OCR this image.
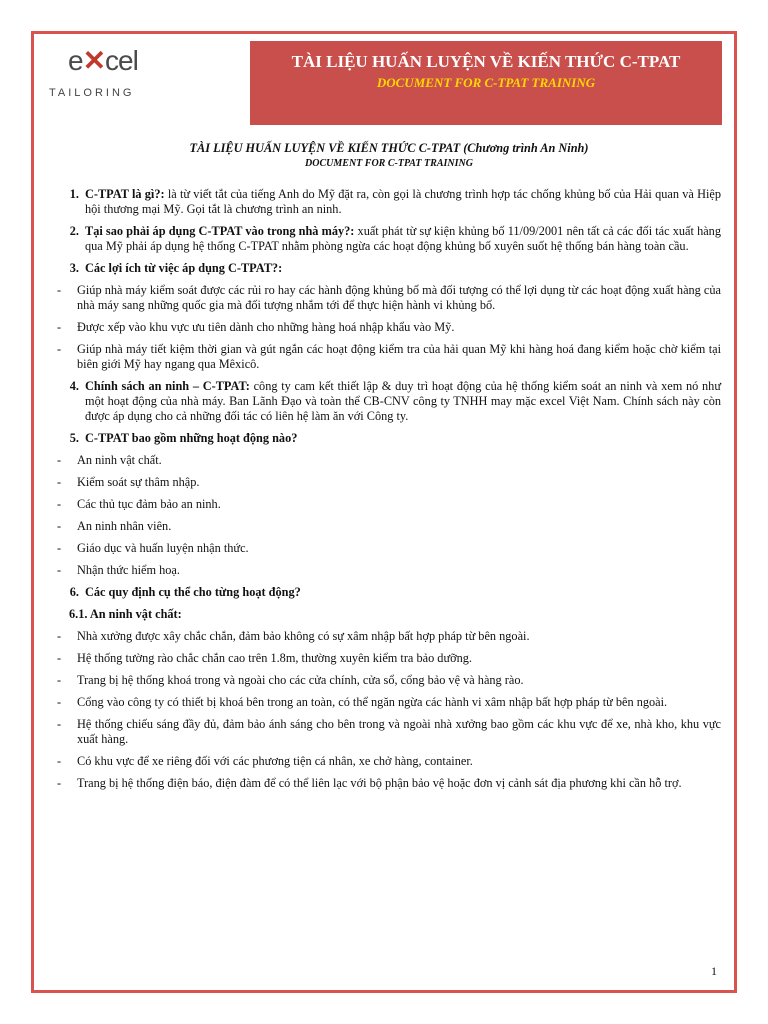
e✕cel
TAILORING
TÀI LIỆU HUẤN LUYỆN VỀ KIẾN THỨC C-TPAT
DOCUMENT FOR C-TPAT TRAINING
TÀI LIỆU HUẤN LUYỆN VỀ KIẾN THỨC C-TPAT (Chương trình An Ninh)
DOCUMENT FOR C-TPAT TRAINING
1. C-TPAT là gì?: là từ viết tắt của tiếng Anh do Mỹ đặt ra, còn gọi là chương trình hợp tác chống khủng bố của Hải quan và Hiệp hội thương mại Mỹ. Gọi tắt là chương trình an ninh.
2. Tại sao phải áp dụng C-TPAT vào trong nhà máy?: xuất phát từ sự kiện khủng bố 11/09/2001 nên tất cả các đối tác xuất hàng qua Mỹ phải áp dụng hệ thống C-TPAT nhằm phòng ngừa các hoạt động khủng bố xuyên suốt hệ thống bán hàng toàn cầu.
3. Các lợi ích từ việc áp dụng C-TPAT?:
-	Giúp nhà máy kiểm soát được các rủi ro hay các hành động khủng bố mà đối tượng có thể lợi dụng từ các hoạt động xuất hàng của nhà máy sang những quốc gia mà đối tượng nhắm tới để thực hiện hành vi khủng bố.
-	Được xếp vào khu vực ưu tiên dành cho những hàng hoá nhập khẩu vào Mỹ.
-	Giúp nhà máy tiết kiệm thời gian và gút ngắn các hoạt động kiểm tra của hải quan Mỹ khi hàng hoá đang kiểm hoặc chờ kiểm tại biên giới Mỹ hay ngang qua Mêxicô.
4. Chính sách an ninh – C-TPAT: công ty cam kết thiết lập & duy trì hoạt động của hệ thống kiểm soát an ninh và xem nó như một hoạt động của nhà máy. Ban Lãnh Đạo và toàn thể CB-CNV công ty TNHH may mặc excel Việt Nam. Chính sách này còn được áp dụng cho cả những đối tác có liên hệ làm ăn với Công ty.
5. C-TPAT bao gồm những hoạt động nào?
-	An ninh vật chất.
-	Kiểm soát sự thâm nhập.
-	Các thủ tục đảm bảo an ninh.
-	An ninh nhân viên.
-	Giáo dục và huấn luyện nhận thức.
-	Nhận thức hiểm hoạ.
6. Các quy định cụ thể cho từng hoạt động?
6.1. An ninh vật chất:
-	Nhà xưởng được xây chắc chắn, đảm bảo không có sự xâm nhập bất hợp pháp từ bên ngoài.
-	Hệ thống tường rào chắc chắn cao trên 1.8m, thường xuyên kiểm tra bảo dưỡng.
-	Trang bị hệ thống khoá trong và ngoài cho các cửa chính, cửa sổ, cổng bảo vệ và hàng rào.
-	Cổng vào công ty có thiết bị khoá bên trong an toàn, có thể ngăn ngừa các hành vi xâm nhập bất hợp pháp từ bên ngoài.
-	Hệ thống chiếu sáng đầy đủ, đảm bảo ánh sáng cho bên trong và ngoài nhà xưởng bao gồm các khu vực để xe, nhà kho, khu vực xuất hàng.
-	Có khu vực để xe riêng đối với các phương tiện cá nhân, xe chở hàng, container.
-	Trang bị hệ thống điện báo, điện đàm để có thể liên lạc với bộ phận bảo vệ hoặc đơn vị cảnh sát địa phương khi cần hỗ trợ.
1
